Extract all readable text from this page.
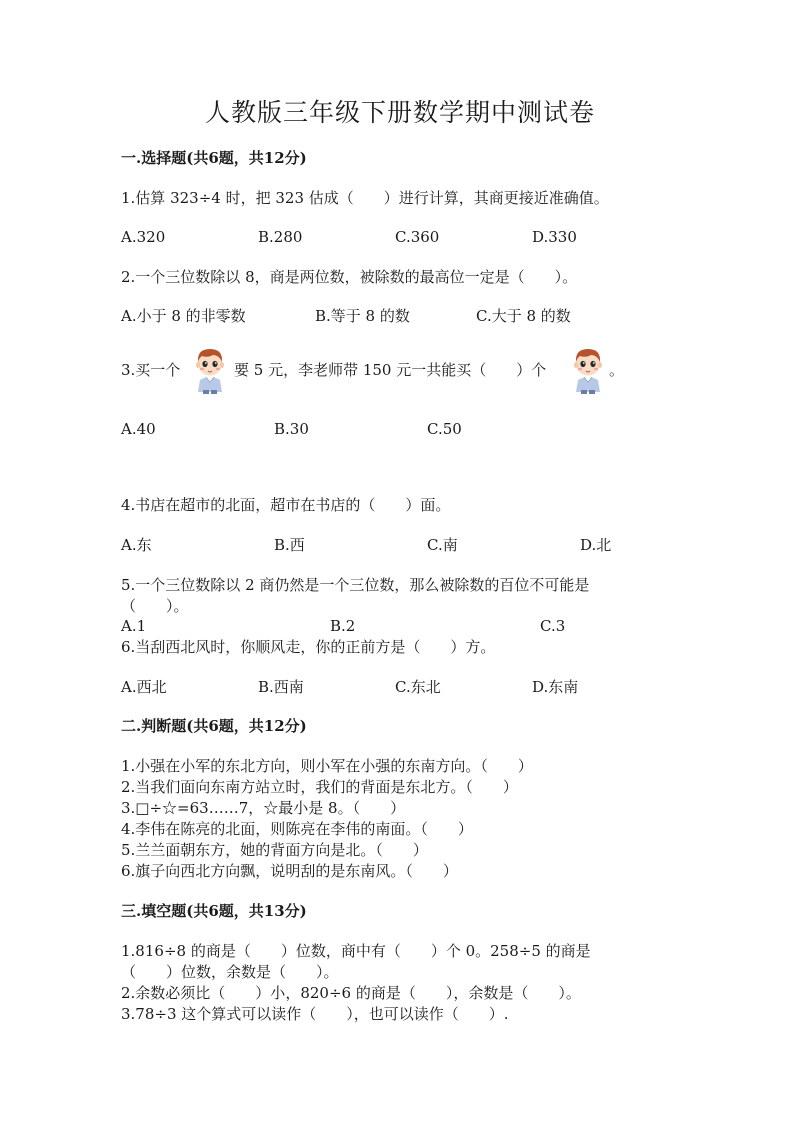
人教版三年级下册数学期中测试卷
一.选择题(共6题，共12分)
1.估算 323÷4 时，把 323 估成（　　）进行计算，其商更接近准确值。
A.320	B.280	C.360	D.330
2.一个三位数除以 8，商是两位数，被除数的最高位一定是（　　）。
A.小于 8 的非零数	B.等于 8 的数	C.大于 8 的数
3.买一个	要 5 元，李老师带 150 元一共能买（　　）个	。
A.40	B.30	C.50
4.书店在超市的北面，超市在书店的（　　）面。
A.东	B.西	C.南	D.北
5.一个三位数除以 2 商仍然是一个三位数，那么被除数的百位不可能是
（　　）。
A.1	B.2	C.3
6.当刮西北风时，你顺风走，你的正前方是（　　）方。
A.西北	B.西南	C.东北	D.东南
二.判断题(共6题，共12分)
1.小强在小军的东北方向，则小军在小强的东南方向。（　　）
2.当我们面向东南方站立时，我们的背面是东北方。（　　）
3.□÷☆=63……7，☆最小是 8。（　　）
4.李伟在陈亮的北面，则陈亮在李伟的南面。（　　）
5.兰兰面朝东方，她的背面方向是北。（　　）
6.旗子向西北方向飘，说明刮的是东南风。（　　）
三.填空题(共6题，共13分)
1.816÷8 的商是（　　）位数，商中有（　　）个 0。258÷5 的商是
（　　）位数，余数是（　　）。
2.余数必须比（　　）小，820÷6 的商是（　　），余数是（　　）。
3.78÷3 这个算式可以读作（　　），也可以读作（　　）.
